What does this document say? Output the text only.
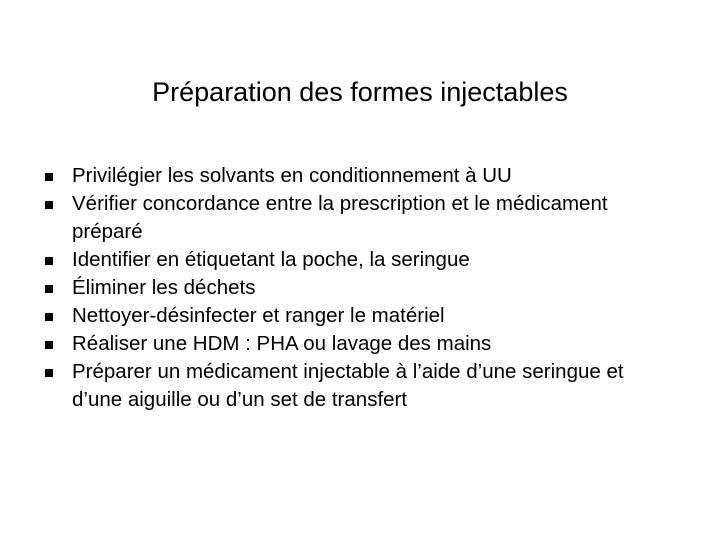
Préparation des formes injectables
Privilégier les solvants en conditionnement à UU
Vérifier concordance entre la prescription et le médicament préparé
Identifier en étiquetant la poche, la seringue
Éliminer les déchets
Nettoyer-désinfecter et ranger le matériel
Réaliser une HDM : PHA ou lavage des mains
Préparer un médicament injectable à l’aide d’une seringue et d’une aiguille ou d’un set de transfert
